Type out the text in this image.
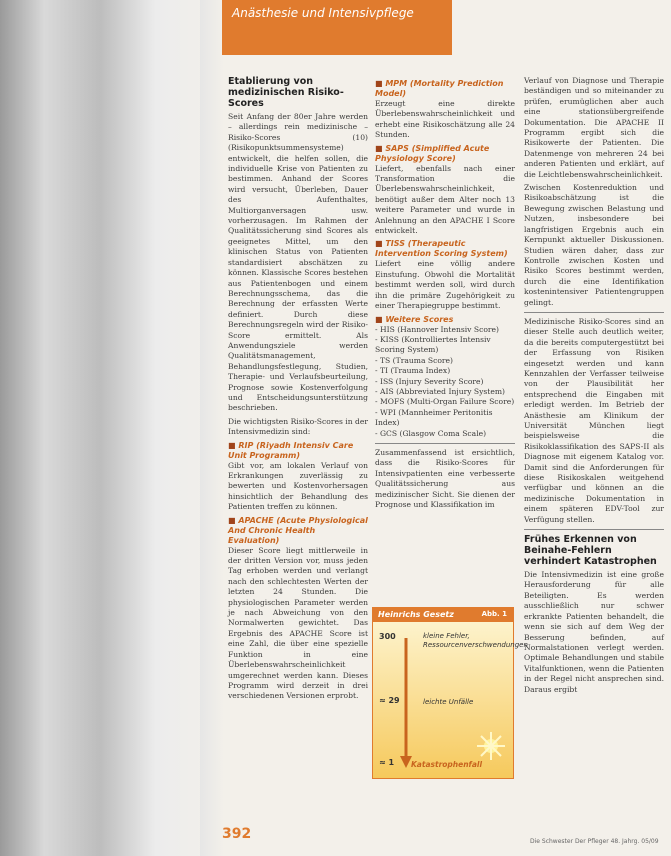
Anästhesie und Intensivpflege
Etablierung von medizinischen Risiko-Scores
Seit Anfang der 80er Jahre werden – allerdings rein medizinische – Risiko-Scores (10) (Risikopunktsummensysteme) entwickelt, die helfen sollen, die individuelle Krise von Patienten zu bestimmen. Anhand der Scores wird versucht, Überleben, Dauer des Aufenthaltes, Multiorganversagen usw. vorherzusagen. Im Rahmen der Qualitätssicherung sind Scores als geeignetes Mittel, um den klinischen Status von Patienten standardisiert abschätzen zu können. Klassische Scores bestehen aus Patientenbogen und einem Berechnungsschema, das die Berechnung der erfassten Werte definiert. Durch diese Berechnungsregeln wird der Risiko-Score ermittelt. Als Anwendungsziele werden Qualitätsmanagement, Behandlungsfestlegung, Studien, Therapie- und Verlaufsbeurteilung, Prognose sowie Kostenverfolgung und Entscheidungsunterstützung beschrieben.
Die wichtigsten Risiko-Scores in der Intensivmedizin sind:
■ RIP (Riyadh Intensiv Care Unit Programm)
Gibt vor, am lokalen Verlauf von Erkrankungen zuverlässig zu bewerten und Kostenvorhersagen hinsichtlich der Behandlung des Patienten treffen zu können.
■ APACHE (Acute Physiological And Chronic Health Evaluation)
Dieser Score liegt mittlerweile in der dritten Version vor, muss jeden Tag erhoben werden und verlangt nach den schlechtesten Werten der letzten 24 Stunden. Die physiologischen Parameter werden je nach Abweichung von den Normalwerten gewichtet. Das Ergebnis des APACHE Score ist eine Zahl, die über eine spezielle Funktion in eine Überlebenswahrscheinlichkeit umgerechnet werden kann. Dieses Programm wird derzeit in drei verschiedenen Versionen erprobt.
■ MPM (Mortality Prediction Model)
Erzeugt eine direkte Überlebenswahrscheinlichkeit und erhebt eine Risikoschätzung alle 24 Stunden.
■ SAPS (Simplified Acute Physiology Score)
Liefert, ebenfalls nach einer Transformation die Überlebenswahrscheinlichkeit, benötigt außer dem Alter noch 13 weitere Parameter und wurde in Anlehnung an den APACHE I Score entwickelt.
■ TISS (Therapeutic Intervention Scoring System)
Liefert eine völlig andere Einstufung. Obwohl die Mortalität bestimmt werden soll, wird durch ihn die primäre Zugehörigkeit zu einer Therapiegruppe bestimmt.
■ Weitere Scores
- HIS (Hannover Intensiv Score)
- KISS (Kontrolliertes Intensiv Scoring System)
- TS (Trauma Score)
- TI (Trauma Index)
- ISS (Injury Severity Score)
- AIS (Abbreviated Injury System)
- MOFS (Multi-Organ Failure Score)
- WPI (Mannheimer Peritonitis Index)
- GCS (Glasgow Coma Scale)
Zusammenfassend ist ersichtlich, dass die Risiko-Scores für Intensivpatienten eine verbesserte Qualitätssicherung aus medizinischer Sicht. Sie dienen der Prognose und Klassifikation im
Heinrichs Gesetz	Abb. 1
300
≈ 29
≈ 1
kleine Fehler, Ressourcenverschwendungen
leichte Unfälle
Katastrophenfall
Verlauf von Diagnose und Therapie beständigen und so miteinander zu prüfen, erumüglichen aber auch eine stationsübergreifende Dokumentation. Die APACHE II Programm ergibt sich die Risikowerte der Patienten. Die Datenmenge von mehreren 24 bei anderen Patienten und erklärt, auf die Leichtlebenswahrscheinlichkeit.
Zwischen Kostenreduktion und Risikoabschätzung ist die Bewegung zwischen Belastung und Nutzen, insbesondere bei langfristigen Ergebnis auch ein Kernpunkt aktueller Diskussionen. Studien wären daher, dass zur Kontrolle zwischen Kosten und Risiko Scores bestimmt werden, durch die eine Identifikation kostenintensiver Patientengruppen gelingt.
Medizinische Risiko-Scores sind an dieser Stelle auch deutlich weiter, da die bereits computergestützt bei der Erfassung von Risiken eingesetzt werden und kann Kennzahlen der Verfasser teilweise von der Plausibilität her entsprechend die Eingaben mit erledigt werden. Im Betrieb der Anästhesie am Klinikum der Universität München liegt beispielsweise die Risikoklassifikation des SAPS-II als Diagnose mit eigenem Katalog vor. Damit sind die Anforderungen für diese Risikoskalen weitgehend verfügbar und können an die medizinische Dokumentation in einem späteren EDV-Tool zur Verfügung stellen.
Frühes Erkennen von Beinahe-Fehlern verhindert Katastrophen
Die Intensivmedizin ist eine große Herausforderung für alle Beteiligten. Es werden ausschließlich nur schwer erkrankte Patienten behandelt, die wenn sie sich auf dem Weg der Besserung befinden, auf Normalstationen verlegt werden. Optimale Behandlungen und stabile Vitalfunktionen, wenn die Patienten in der Regel nicht ansprechen sind. Daraus ergibt
392	Die Schwester Der Pfleger 48. Jahrg. 05/09
